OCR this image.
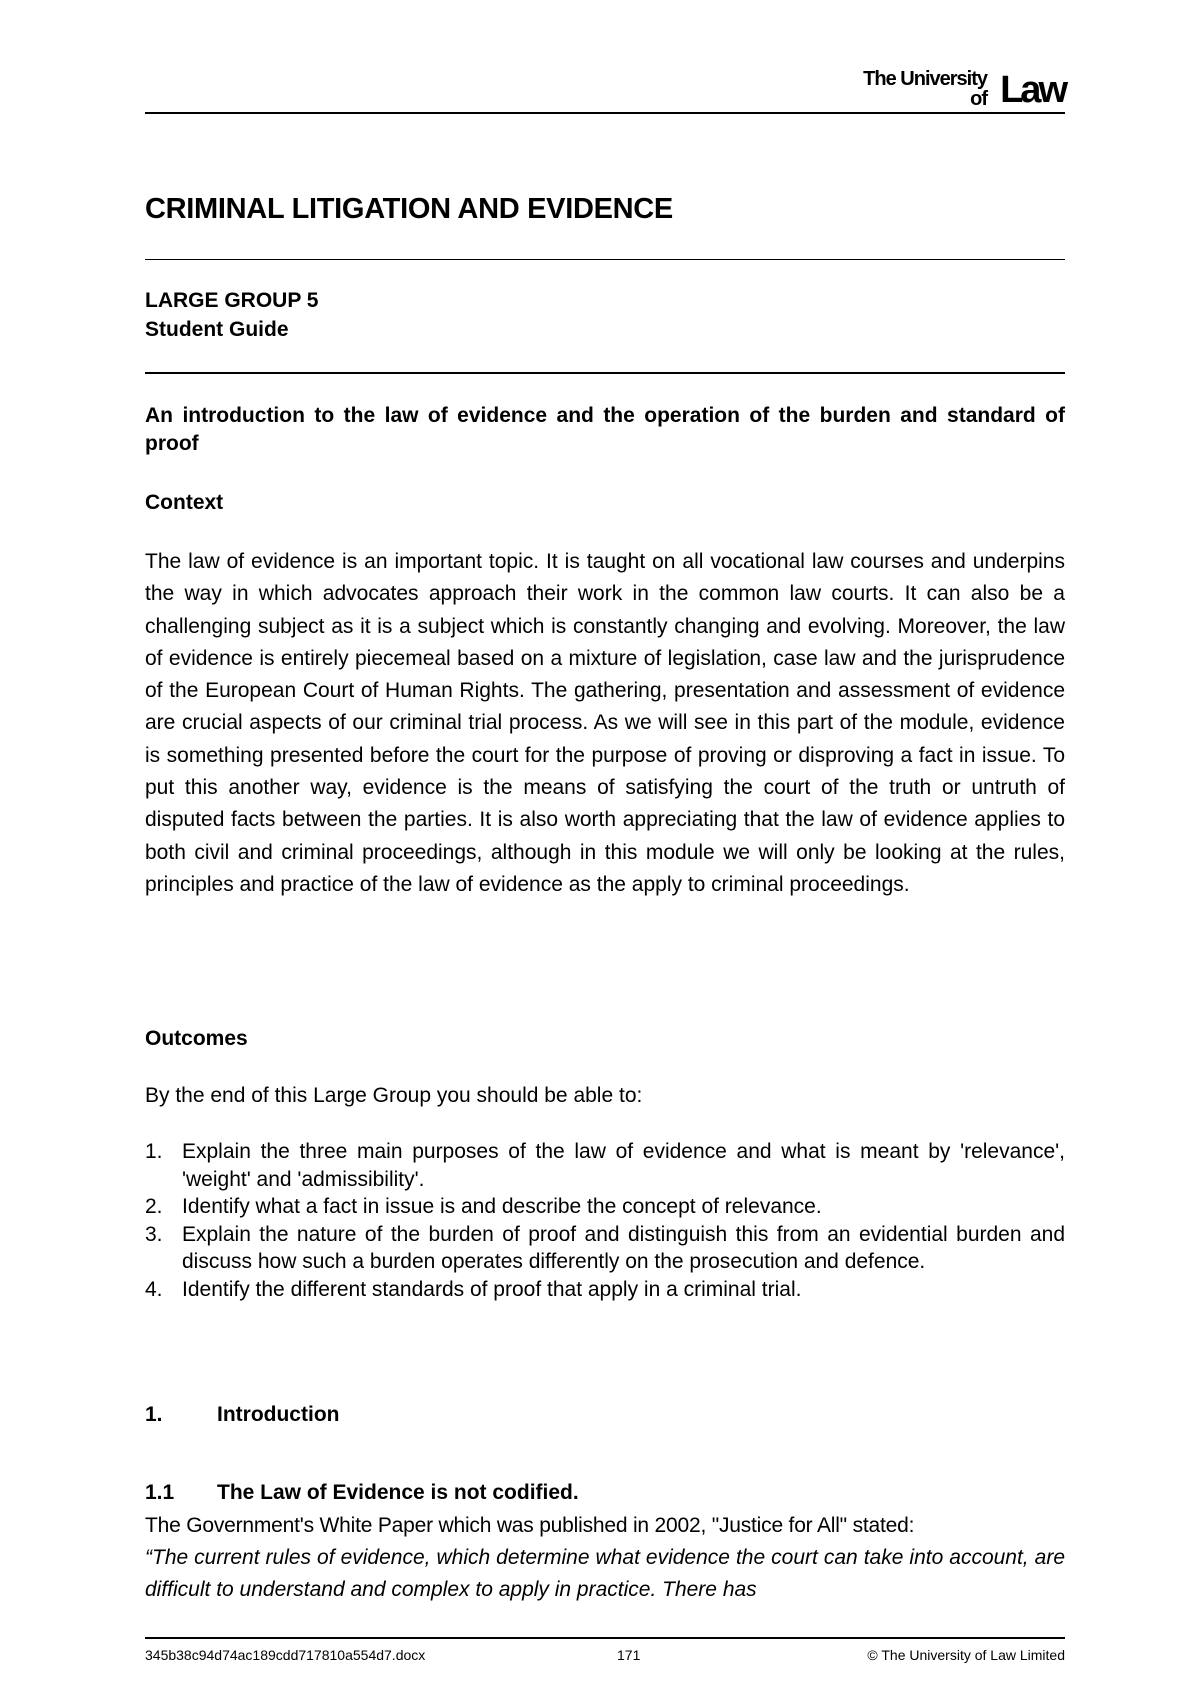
The University
of Law
CRIMINAL LITIGATION AND EVIDENCE
LARGE GROUP 5
Student Guide
An introduction to the law of evidence and the operation of the burden and standard of proof
Context
The law of evidence is an important topic. It is taught on all vocational law courses and underpins the way in which advocates approach their work in the common law courts. It can also be a challenging subject as it is a subject which is constantly changing and evolving. Moreover, the law of evidence is entirely piecemeal based on a mixture of legislation, case law and the jurisprudence of the European Court of Human Rights. The gathering, presentation and assessment of evidence are crucial aspects of our criminal trial process. As we will see in this part of the module, evidence is something presented before the court for the purpose of proving or disproving a fact in issue. To put this another way, evidence is the means of satisfying the court of the truth or untruth of disputed facts between the parties. It is also worth appreciating that the law of evidence applies to both civil and criminal proceedings, although in this module we will only be looking at the rules, principles and practice of the law of evidence as the apply to criminal proceedings.
Outcomes
By the end of this Large Group you should be able to:
1. Explain the three main purposes of the law of evidence and what is meant by 'relevance', 'weight' and 'admissibility'.
2. Identify what a fact in issue is and describe the concept of relevance.
3. Explain the nature of the burden of proof and distinguish this from an evidential burden and discuss how such a burden operates differently on the prosecution and defence.
4. Identify the different standards of proof that apply in a criminal trial.
1.	Introduction
1.1 The Law of Evidence is not codified.
The Government's White Paper which was published in 2002, "Justice for All" stated:
“The current rules of evidence, which determine what evidence the court can take into account, are difficult to understand and complex to apply in practice. There has
345b38c94d74ac189cdd717810a554d7.docx	171	© The University of Law Limited
